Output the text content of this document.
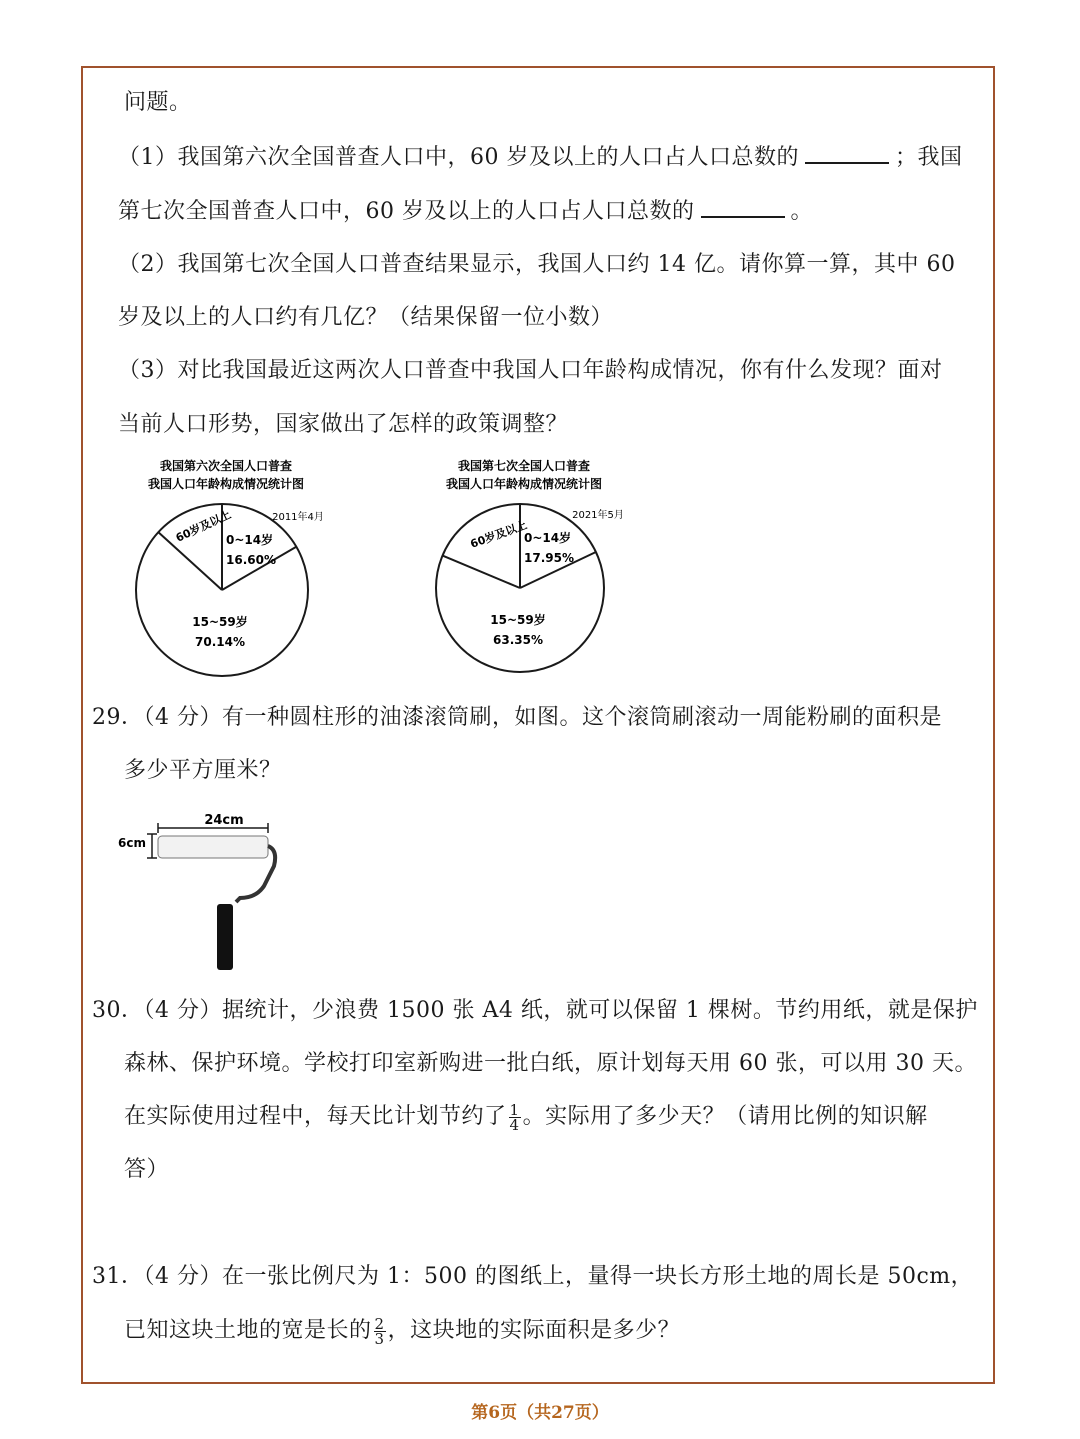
问题。
（1）我国第六次全国普查人口中，60 岁及以上的人口占人口总数的	；我国
第七次全国普查人口中，60 岁及以上的人口占人口总数的	。
（2）我国第七次全国人口普查结果显示，我国人口约 14 亿。请你算一算，其中 60
岁及以上的人口约有几亿？（结果保留一位小数）
（3）对比我国最近这两次人口普查中我国人口年龄构成情况，你有什么发现？面对
当前人口形势，国家做出了怎样的政策调整？
我国第六次全国人口普查
我国人口年龄构成情况统计图
2011年4月
60岁及以上
0~14岁
16.60%
15~59岁
70.14%
我国第七次全国人口普查
我国人口年龄构成情况统计图
2021年5月
60岁及以上
0~14岁
17.95%
15~59岁
63.35%
29．（4 分）有一种圆柱形的油漆滚筒刷，如图。这个滚筒刷滚动一周能粉刷的面积是
多少平方厘米？
24cm
6cm
30．（4 分）据统计，少浪费 1500 张 A4 纸，就可以保留 1 棵树。节约用纸，就是保护
森林、保护环境。学校打印室新购进一批白纸，原计划每天用 60 张，可以用 30 天。
在实际使用过程中，每天比计划节约了 $\frac{1}{4}$ 。实际用了多少天？（请用比例的知识解
答）
31．（4 分）在一张比例尺为 1：500 的图纸上，量得一块长方形土地的周长是 50cm，
已知这块土地的宽是长的 $\frac{2}{3}$ ，这块地的实际面积是多少？
第6页（共27页）
